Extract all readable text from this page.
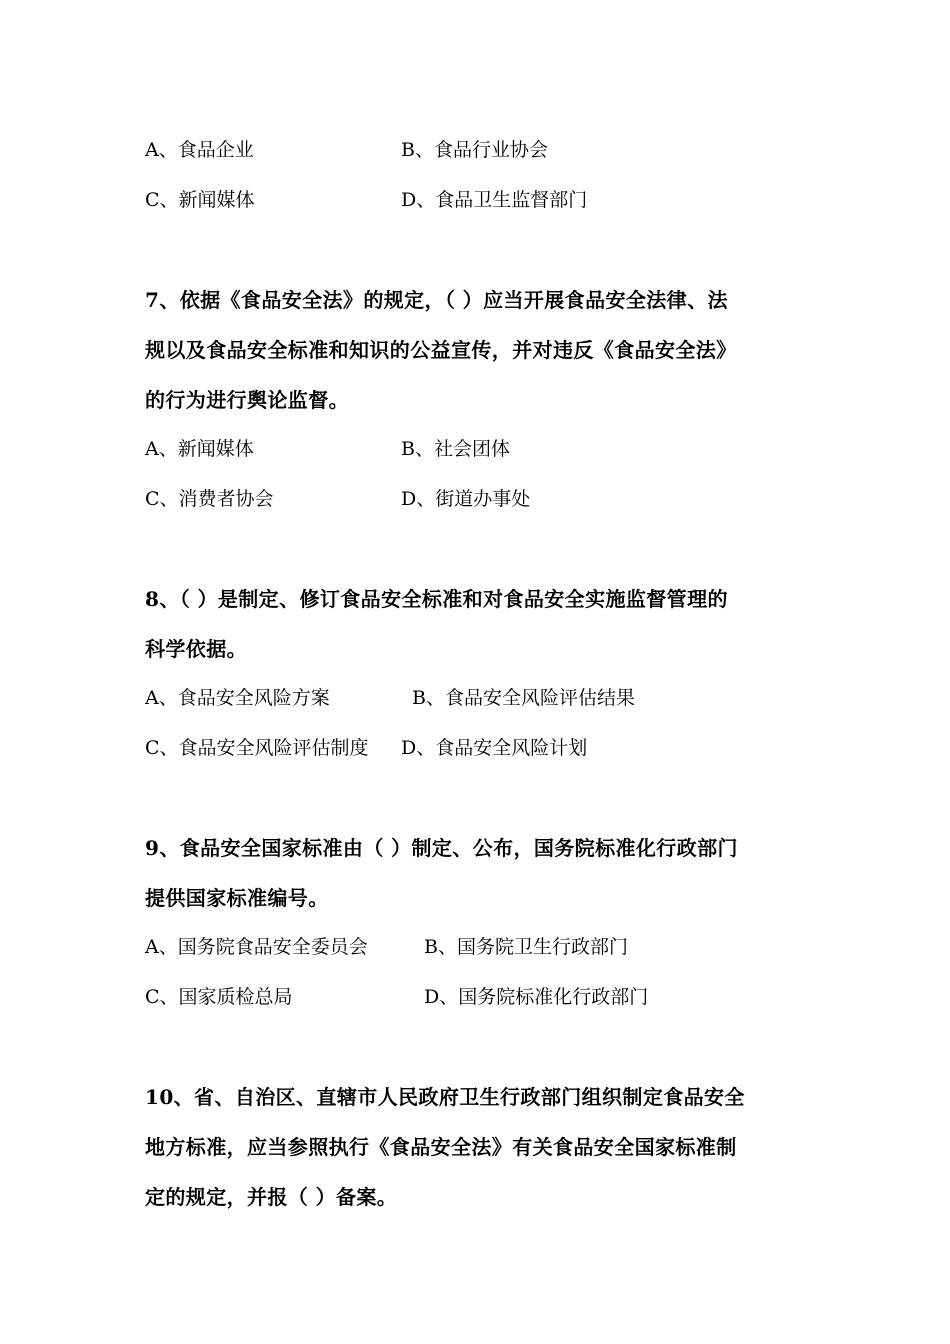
A、食品企业	B、食品行业协会
C、新闻媒体	D、食品卫生监督部门
7、依据《食品安全法》的规定，（ ）应当开展食品安全法律、法
规以及食品安全标准和知识的公益宣传，并对违反《食品安全法》
的行为进行舆论监督。
A、新闻媒体	B、社会团体
C、消费者协会	D、街道办事处
8、（ ）是制定、修订食品安全标准和对食品安全实施监督管理的
科学依据。
A、食品安全风险方案	B、食品安全风险评估结果
C、食品安全风险评估制度 D、食品安全风险计划
9、食品安全国家标准由（ ）制定、公布，国务院标准化行政部门
提供国家标准编号。
A、国务院食品安全委员会	B、国务院卫生行政部门
C、国家质检总局	D、国务院标准化行政部门
10、省、自治区、直辖市人民政府卫生行政部门组织制定食品安全
地方标准，应当参照执行《食品安全法》有关食品安全国家标准制
定的规定，并报（ ）备案。
